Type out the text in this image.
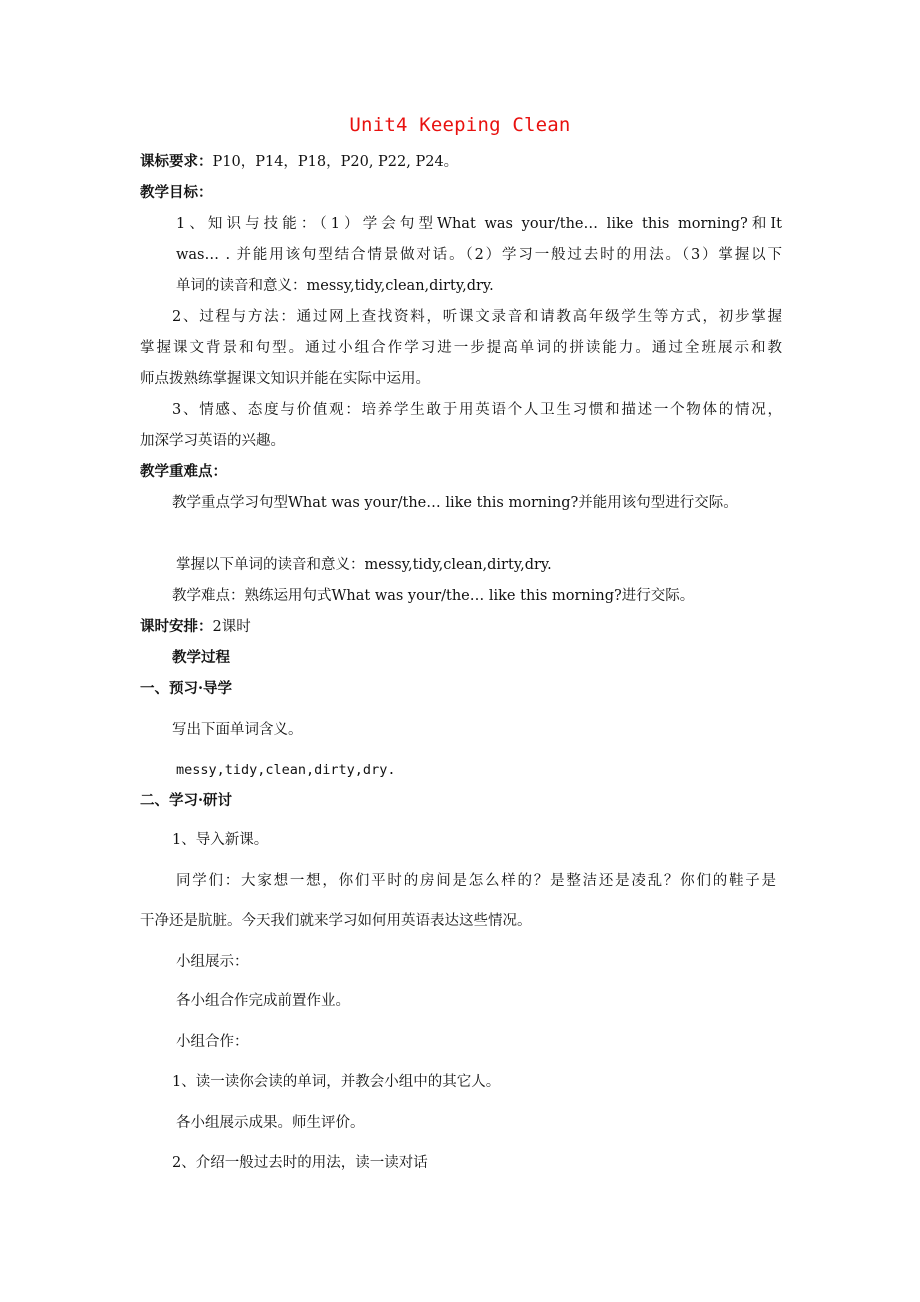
Unit4 Keeping Clean
课标要求：P10，P14，P18，P20, P22, P24。
教学目标：
1、知识与技能：（1）学会句型What was your/the… like this morning?和It
was… . 并能用该句型结合情景做对话。（2）学习一般过去时的用法。（3）掌握以下
单词的读音和意义：messy,tidy,clean,dirty,dry.
2、过程与方法：通过网上查找资料，听课文录音和请教高年级学生等方式，初步掌握
掌握课文背景和句型。通过小组合作学习进一步提高单词的拼读能力。通过全班展示和教
师点拨熟练掌握课文知识并能在实际中运用。
3、情感、态度与价值观：培养学生敢于用英语个人卫生习惯和描述一个物体的情况，
加深学习英语的兴趣。
教学重难点：
教学重点学习句型What was your/the… like this morning?并能用该句型进行交际。
掌握以下单词的读音和意义：messy,tidy,clean,dirty,dry.
教学难点：熟练运用句式What was your/the… like this morning?进行交际。
课时安排：2课时
教学过程
一、预习·导学
写出下面单词含义。
messy,tidy,clean,dirty,dry.
二、学习·研讨
1、导入新课。
同学们：大家想一想，你们平时的房间是怎么样的？是整洁还是凌乱？你们的鞋子是
干净还是肮脏。今天我们就来学习如何用英语表达这些情况。
小组展示：
各小组合作完成前置作业。
小组合作：
1、读一读你会读的单词，并教会小组中的其它人。
各小组展示成果。师生评价。
2、介绍一般过去时的用法，读一读对话
